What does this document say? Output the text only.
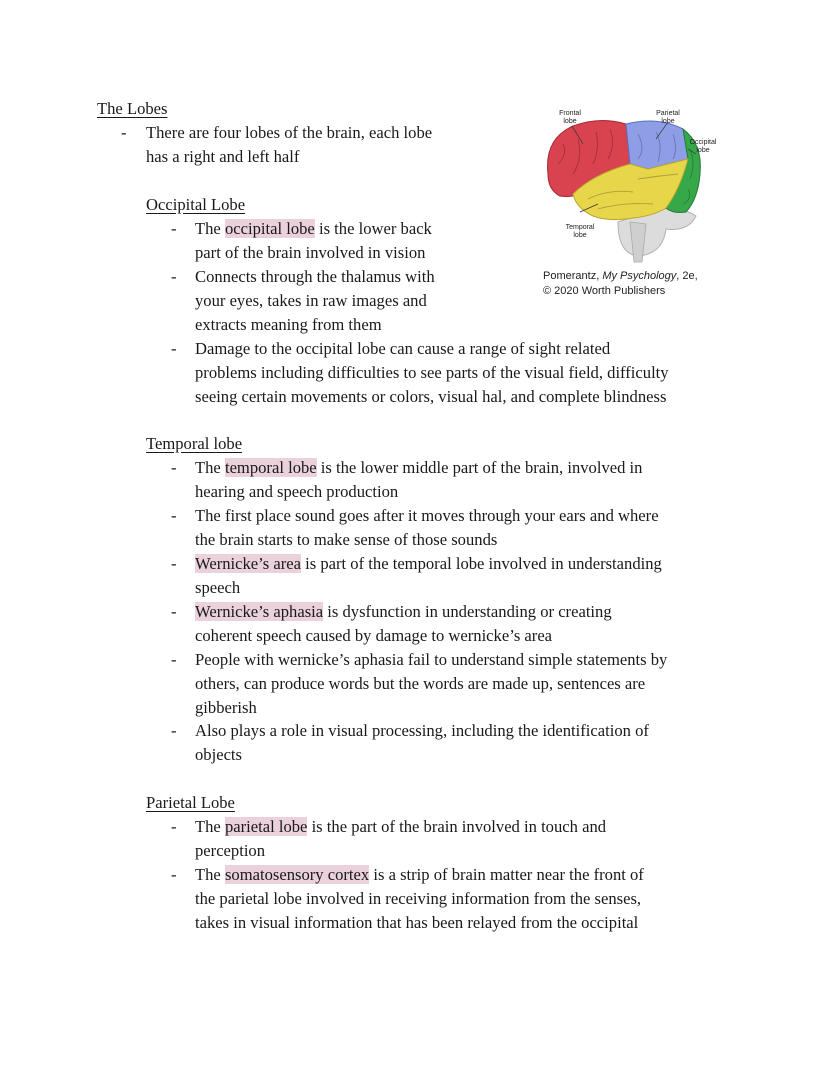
The Lobes
- There are four lobes of the brain, each lobe
has a right and left half
Occipital Lobe
- The occipital lobe is the lower back
part of the brain involved in vision
- Connects through the thalamus with
your eyes, takes in raw images and
extracts meaning from them
- Damage to the occipital lobe can cause a range of sight related
problems including difficulties to see parts of the visual field, difficulty
seeing certain movements or colors, visual hal, and complete blindness
Temporal lobe
- The temporal lobe is the lower middle part of the brain, involved in
hearing and speech production
- The first place sound goes after it moves through your ears and where
the brain starts to make sense of those sounds
- Wernicke’s area is part of the temporal lobe involved in understanding
speech
- Wernicke’s aphasia is dysfunction in understanding or creating
coherent speech caused by damage to wernicke’s area
- People with wernicke’s aphasia fail to understand simple statements by
others, can produce words but the words are made up, sentences are
gibberish
- Also plays a role in visual processing, including the identification of
objects
Parietal Lobe
- The parietal lobe is the part of the brain involved in touch and
perception
- The somatosensory cortex is a strip of brain matter near the front of
the parietal lobe involved in receiving information from the senses,
takes in visual information that has been relayed from the occipital
Frontal
lobe
Parietal
lobe
Occipital
lobe
Temporal
lobe
Pomerantz, My Psychology, 2e,
© 2020 Worth Publishers
